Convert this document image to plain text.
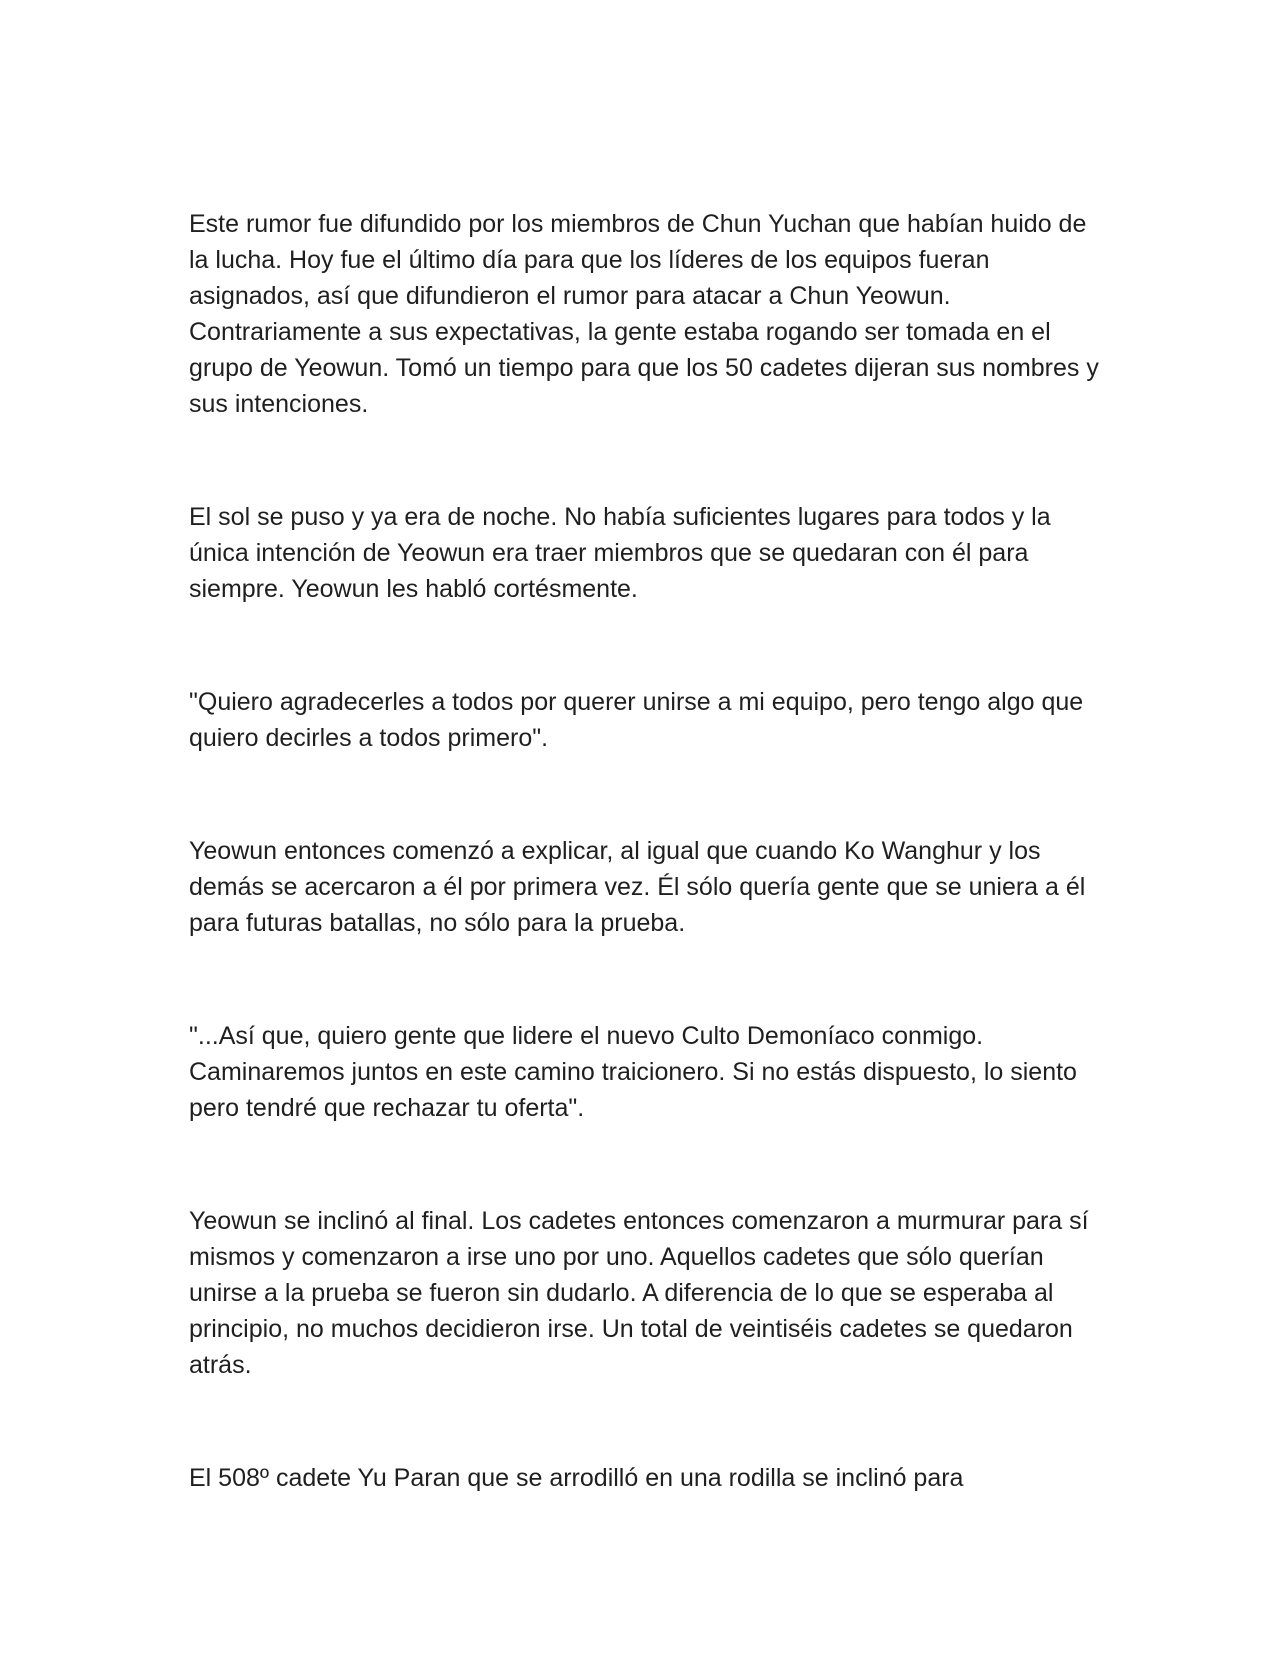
Este rumor fue difundido por los miembros de Chun Yuchan que habían huido de la lucha. Hoy fue el último día para que los líderes de los equipos fueran asignados, así que difundieron el rumor para atacar a Chun Yeowun. Contrariamente a sus expectativas, la gente estaba rogando ser tomada en el grupo de Yeowun. Tomó un tiempo para que los 50 cadetes dijeran sus nombres y sus intenciones.

El sol se puso y ya era de noche. No había suficientes lugares para todos y la única intención de Yeowun era traer miembros que se quedaran con él para siempre. Yeowun les habló cortésmente.

"Quiero agradecerles a todos por querer unirse a mi equipo, pero tengo algo que quiero decirles a todos primero".

Yeowun entonces comenzó a explicar, al igual que cuando Ko Wanghur y los demás se acercaron a él por primera vez. Él sólo quería gente que se uniera a él para futuras batallas, no sólo para la prueba.

"...Así que, quiero gente que lidere el nuevo Culto Demoníaco conmigo. Caminaremos juntos en este camino traicionero. Si no estás dispuesto, lo siento pero tendré que rechazar tu oferta".

Yeowun se inclinó al final. Los cadetes entonces comenzaron a murmurar para sí mismos y comenzaron a irse uno por uno. Aquellos cadetes que sólo querían unirse a la prueba se fueron sin dudarlo. A diferencia de lo que se esperaba al principio, no muchos decidieron irse. Un total de veintiséis cadetes se quedaron atrás.

El 508º cadete Yu Paran que se arrodilló en una rodilla se inclinó para
